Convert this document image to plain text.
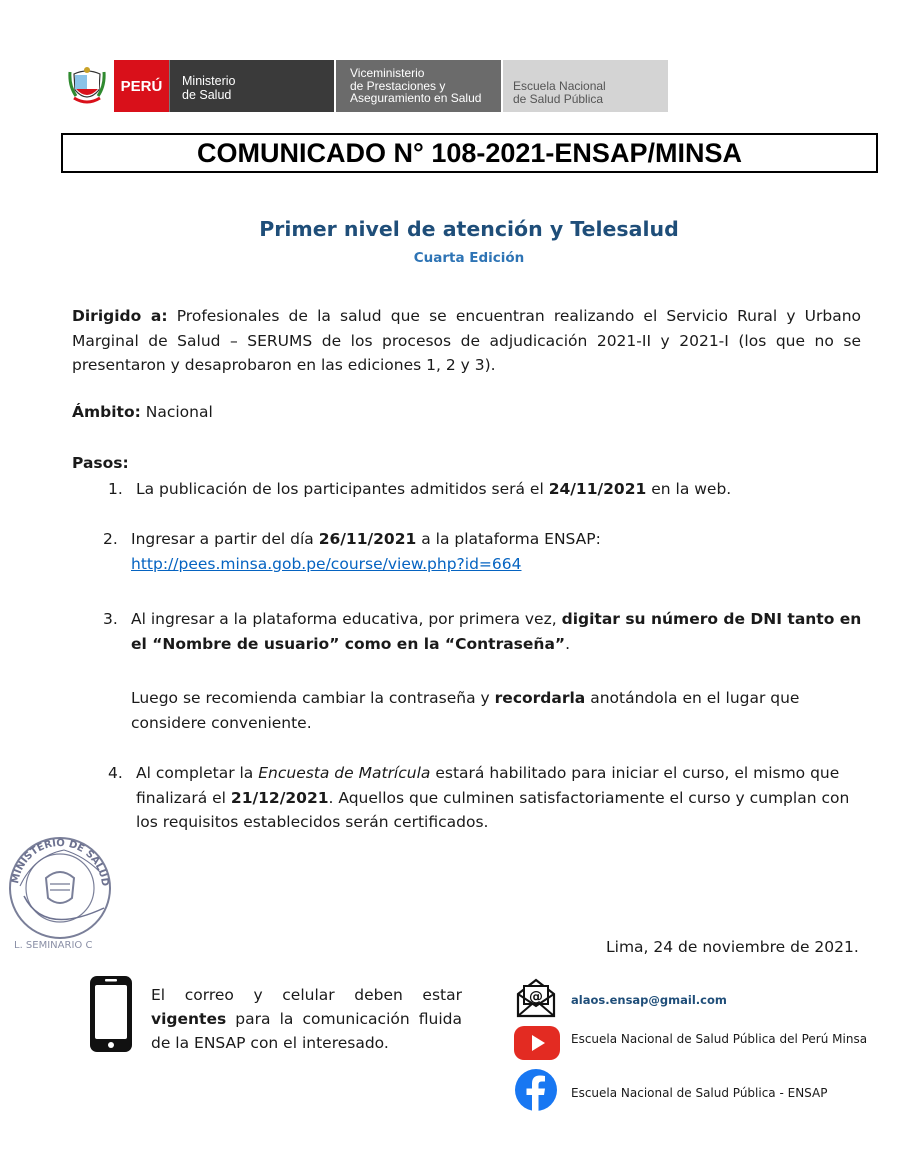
PERÚ	Ministerio
de Salud
Viceministerio
de Prestaciones y
Aseguramiento en Salud
Escuela Nacional
de Salud Pública
COMUNICADO N° 108-2021-ENSAP/MINSA
Primer nivel de atención y Telesalud
Cuarta Edición
Dirigido a: Profesionales de la salud que se encuentran realizando el Servicio Rural y Urbano Marginal de Salud – SERUMS de los procesos de adjudicación 2021-II y 2021-I (los que no se presentaron y desaprobaron en las ediciones 1, 2 y 3).
Ámbito: Nacional
Pasos:
1. La publicación de los participantes admitidos será el 24/11/2021 en la web.
2. Ingresar a partir del día 26/11/2021 a la plataforma ENSAP:
http://pees.minsa.gob.pe/course/view.php?id=664
3. Al ingresar a la plataforma educativa, por primera vez, digitar su número de DNI tanto en el “Nombre de usuario” como en la “Contraseña”.
Luego se recomienda cambiar la contraseña y recordarla anotándola en el lugar que considere conveniente.
4. Al completar la Encuesta de Matrícula estará habilitado para iniciar el curso, el mismo que finalizará el 21/12/2021. Aquellos que culminen satisfactoriamente el curso y cumplan con los requisitos establecidos serán certificados.
MINISTERIO DE SALUD
L. SEMINARIO C	Lima, 24 de noviembre de 2021.
El correo y celular deben estar vigentes para la comunicación fluida de la ENSAP con el interesado.
@ alaos.ensap@gmail.com
Escuela Nacional de Salud Pública del Perú Minsa
Escuela Nacional de Salud Pública - ENSAP
